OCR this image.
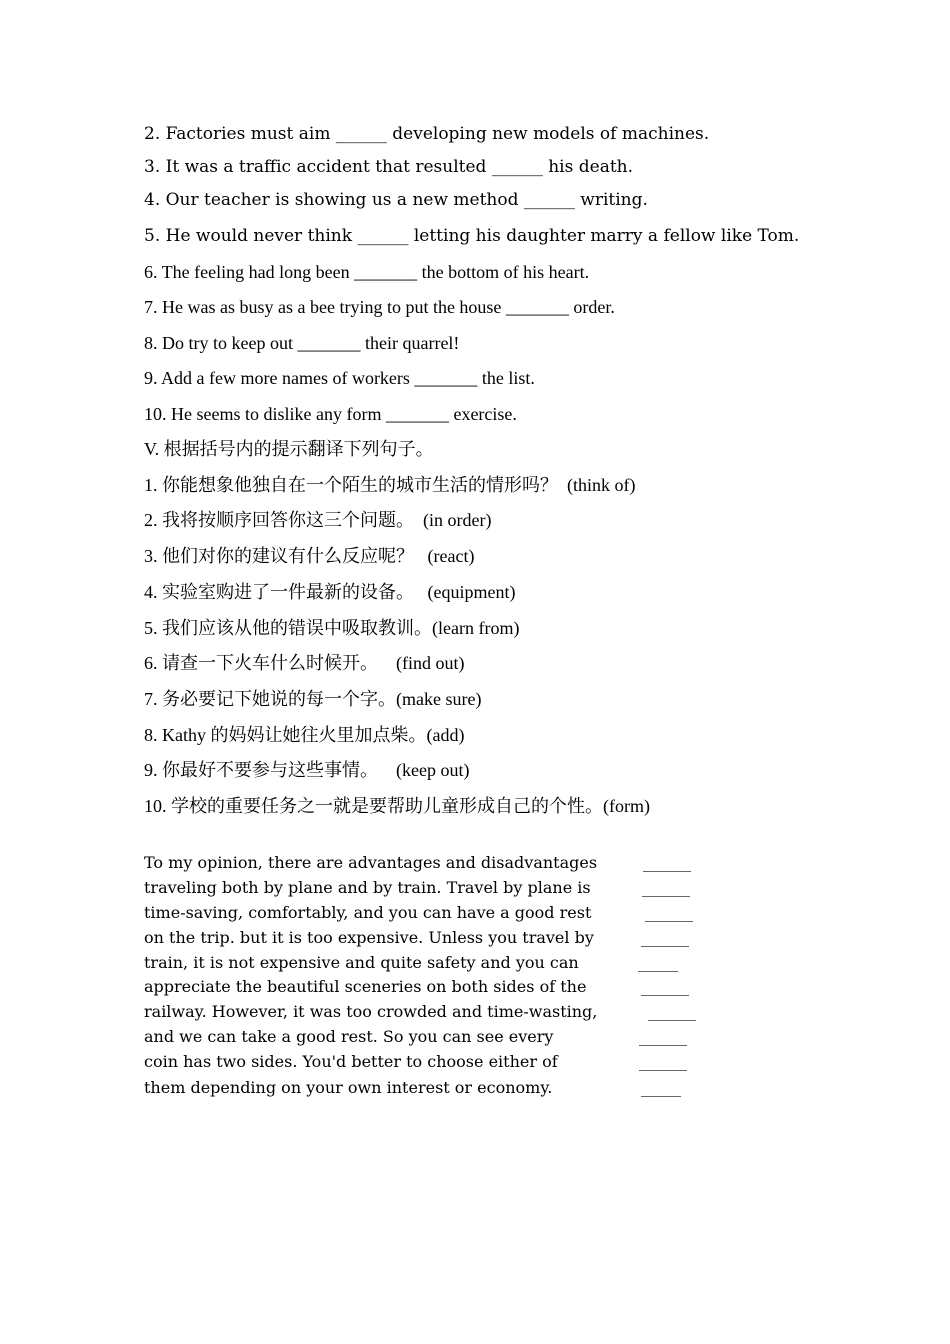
2. Factories must aim ______ developing new models of machines.
3. It was a traffic accident that resulted ______ his death.
4. Our teacher is showing us a new method ______ writing.
5. He would never think ______ letting his daughter marry a fellow like Tom.
6. The feeling had long been _______ the bottom of his heart.
7. He was as busy as a bee trying to put the house _______ order.
8. Do try to keep out _______ their quarrel!
9. Add a few more names of workers _______ the list.
10. He seems to dislike any form _______ exercise.
V. 根据括号内的提示翻译下列句子。
1. 你能想象他独自在一个陌生的城市生活的情形吗？  (think of)
2. 我将按顺序回答你这三个问题。  (in order)
3. 他们对你的建议有什么反应呢？   (react)
4. 实验室购进了一件最新的设备。   (equipment)
5. 我们应该从他的错误中吸取教训。(learn from)
6. 请查一下火车什么时候开。    (find out)
7. 务必要记下她说的每一个字。(make sure)
8. Kathy 的妈妈让她往火里加点柴。(add)
9. 你最好不要参与这些事情。    (keep out)
10. 学校的重要任务之一就是要帮助儿童形成自己的个性。(form)
To my opinion, there are advantages and disadvantages
traveling both by plane and by train. Travel by plane is
time-saving, comfortably, and you can have a good rest
on the trip. but it is too expensive. Unless you travel by
train, it is not expensive and quite safety and you can
appreciate the beautiful sceneries on both sides of the
railway. However, it was too crowded and time-wasting,
and we can take a good rest. So you can see every
coin has two sides. You'd better to choose either of
them depending on your own interest or economy.
______
______
______
______
_____
______
______
______
______
_____
